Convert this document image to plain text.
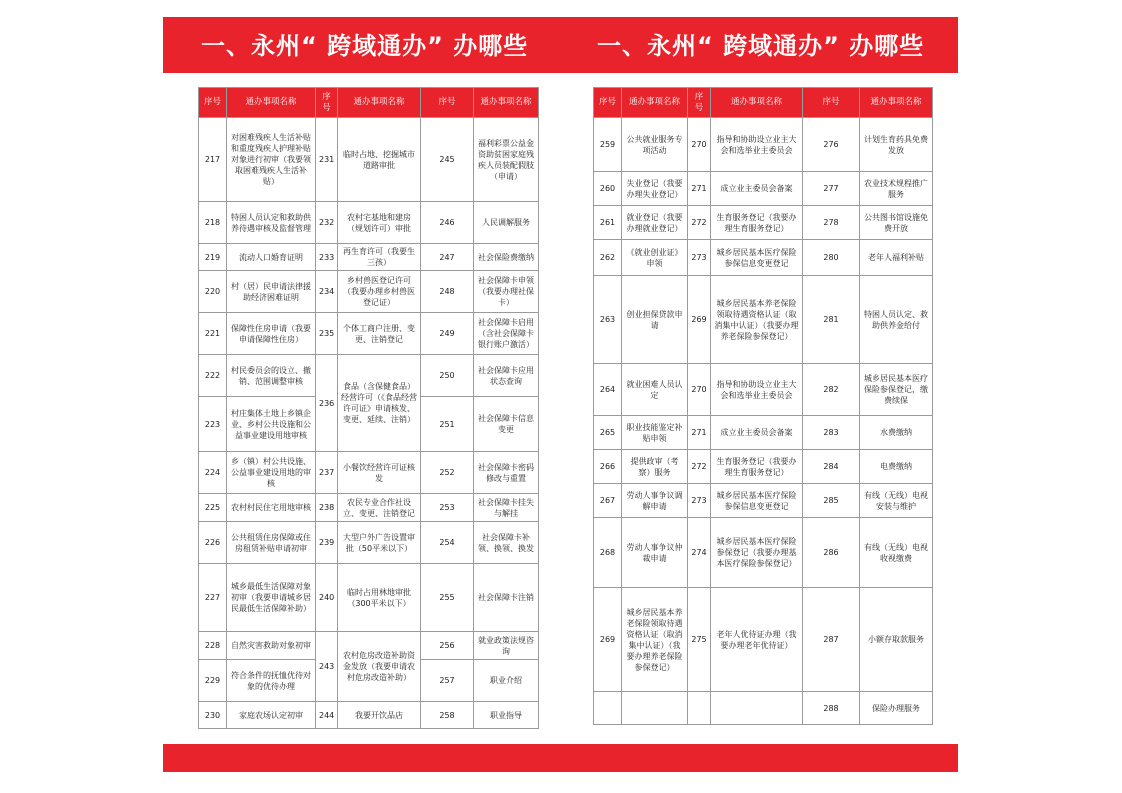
一、永州“ 跨域通办” 办哪些	一、永州“ 跨域通办” 办哪些
序号	通办事项名称	序号	通办事项名称	序号	通办事项名称
217	对困难残疾人生活补贴和重度残疾人护理补贴对象进行初审（我要领取困难残疾人生活补贴）	231	临时占地、挖掘城市道路审批	245	福利彩票公益金资助贫困家庭残疾人员装配假肢（申请）
218	特困人员认定和救助供养待遇审核及监督管理	232	农村宅基地和建房（规划许可）审批	246	人民调解服务
219	流动人口婚育证明	233	再生育许可（我要生三孩）	247	社会保险费缴纳
220	村（居）民申请法律援助经济困难证明	234	乡村兽医登记许可（我要办理乡村兽医登记证）	248	社会保障卡申领（我要办理社保卡）
221	保障性住房申请（我要申请保障性住房）	235	个体工商户注册、变更、注销登记	249	社会保障卡启用（含社会保障卡银行账户激活）
222	村民委员会的设立、撤销、范围调整审核	236	食品（含保健食品）经营许可（《食品经营许可证》申请核发、变更、延续、注销）	250	社会保障卡应用状态查询
223	村庄集体土地上乡镇企业、乡村公共设施和公益事业建设用地审核			251	社会保障卡信息变更
224	乡（镇）村公共设施、公益事业建设用地的审核	237	小餐饮经营许可证核发	252	社会保障卡密码修改与重置
225	农村村民住宅用地审核	238	农民专业合作社设立、变更、注销登记	253	社会保障卡挂失与解挂
226	公共租赁住房保障或住房租赁补贴申请初审	239	大型户外广告设置审批（50平米以下）	254	社会保障卡补领、换领、换发
227	城乡最低生活保障对象初审（我要申请城乡居民最低生活保障补助）	240	临时占用林地审批（300平米以下）	255	社会保障卡注销
228	自然灾害救助对象初审	243	农村危房改造补助资金发放（我要申请农村危房改造补助）	256	就业政策法规咨询
229	符合条件的抚恤优待对象的优待办理			257	职业介绍
230	家庭农场认定初审	244	我要开饮品店	258	职业指导
序号	通办事项名称	序号	通办事项名称	序号	通办事项名称
259	公共就业服务专项活动	270	指导和协助设立业主大会和选举业主委员会	276	计划生育药具免费发放
260	失业登记（我要办理失业登记）	271	成立业主委员会备案	277	农业技术规程推广服务
261	就业登记（我要办理就业登记）	272	生育服务登记（我要办理生育服务登记）	278	公共图书馆设施免费开放
262	《就业创业证》申领	273	城乡居民基本医疗保险参保信息变更登记	280	老年人福利补贴
263	创业担保贷款申请	269	城乡居民基本养老保险领取待遇资格认证（取消集中认证）（我要办理养老保险参保登记）	281	特困人员认定、救助供养金给付
264	就业困难人员认定	270	指导和协助设立业主大会和选举业主委员会	282	城乡居民基本医疗保险参保登记，缴费续保
265	职业技能鉴定补贴申领	271	成立业主委员会备案	283	水费缴纳
266	提供政审（考察）服务	272	生育服务登记（我要办理生育服务登记）	284	电费缴纳
267	劳动人事争议调解申请	273	城乡居民基本医疗保险参保信息变更登记	285	有线（无线）电视安装与维护
268	劳动人事争议仲裁申请	274	城乡居民基本医疗保险参保登记（我要办理基本医疗保险参保登记）	286	有线（无线）电视收视缴费
269	城乡居民基本养老保险领取待遇资格认证（取消集中认证）（我要办理养老保险参保登记）	275	老年人优待证办理（我要办理老年优待证）	287	小额存取款服务
				288	保险办理服务
